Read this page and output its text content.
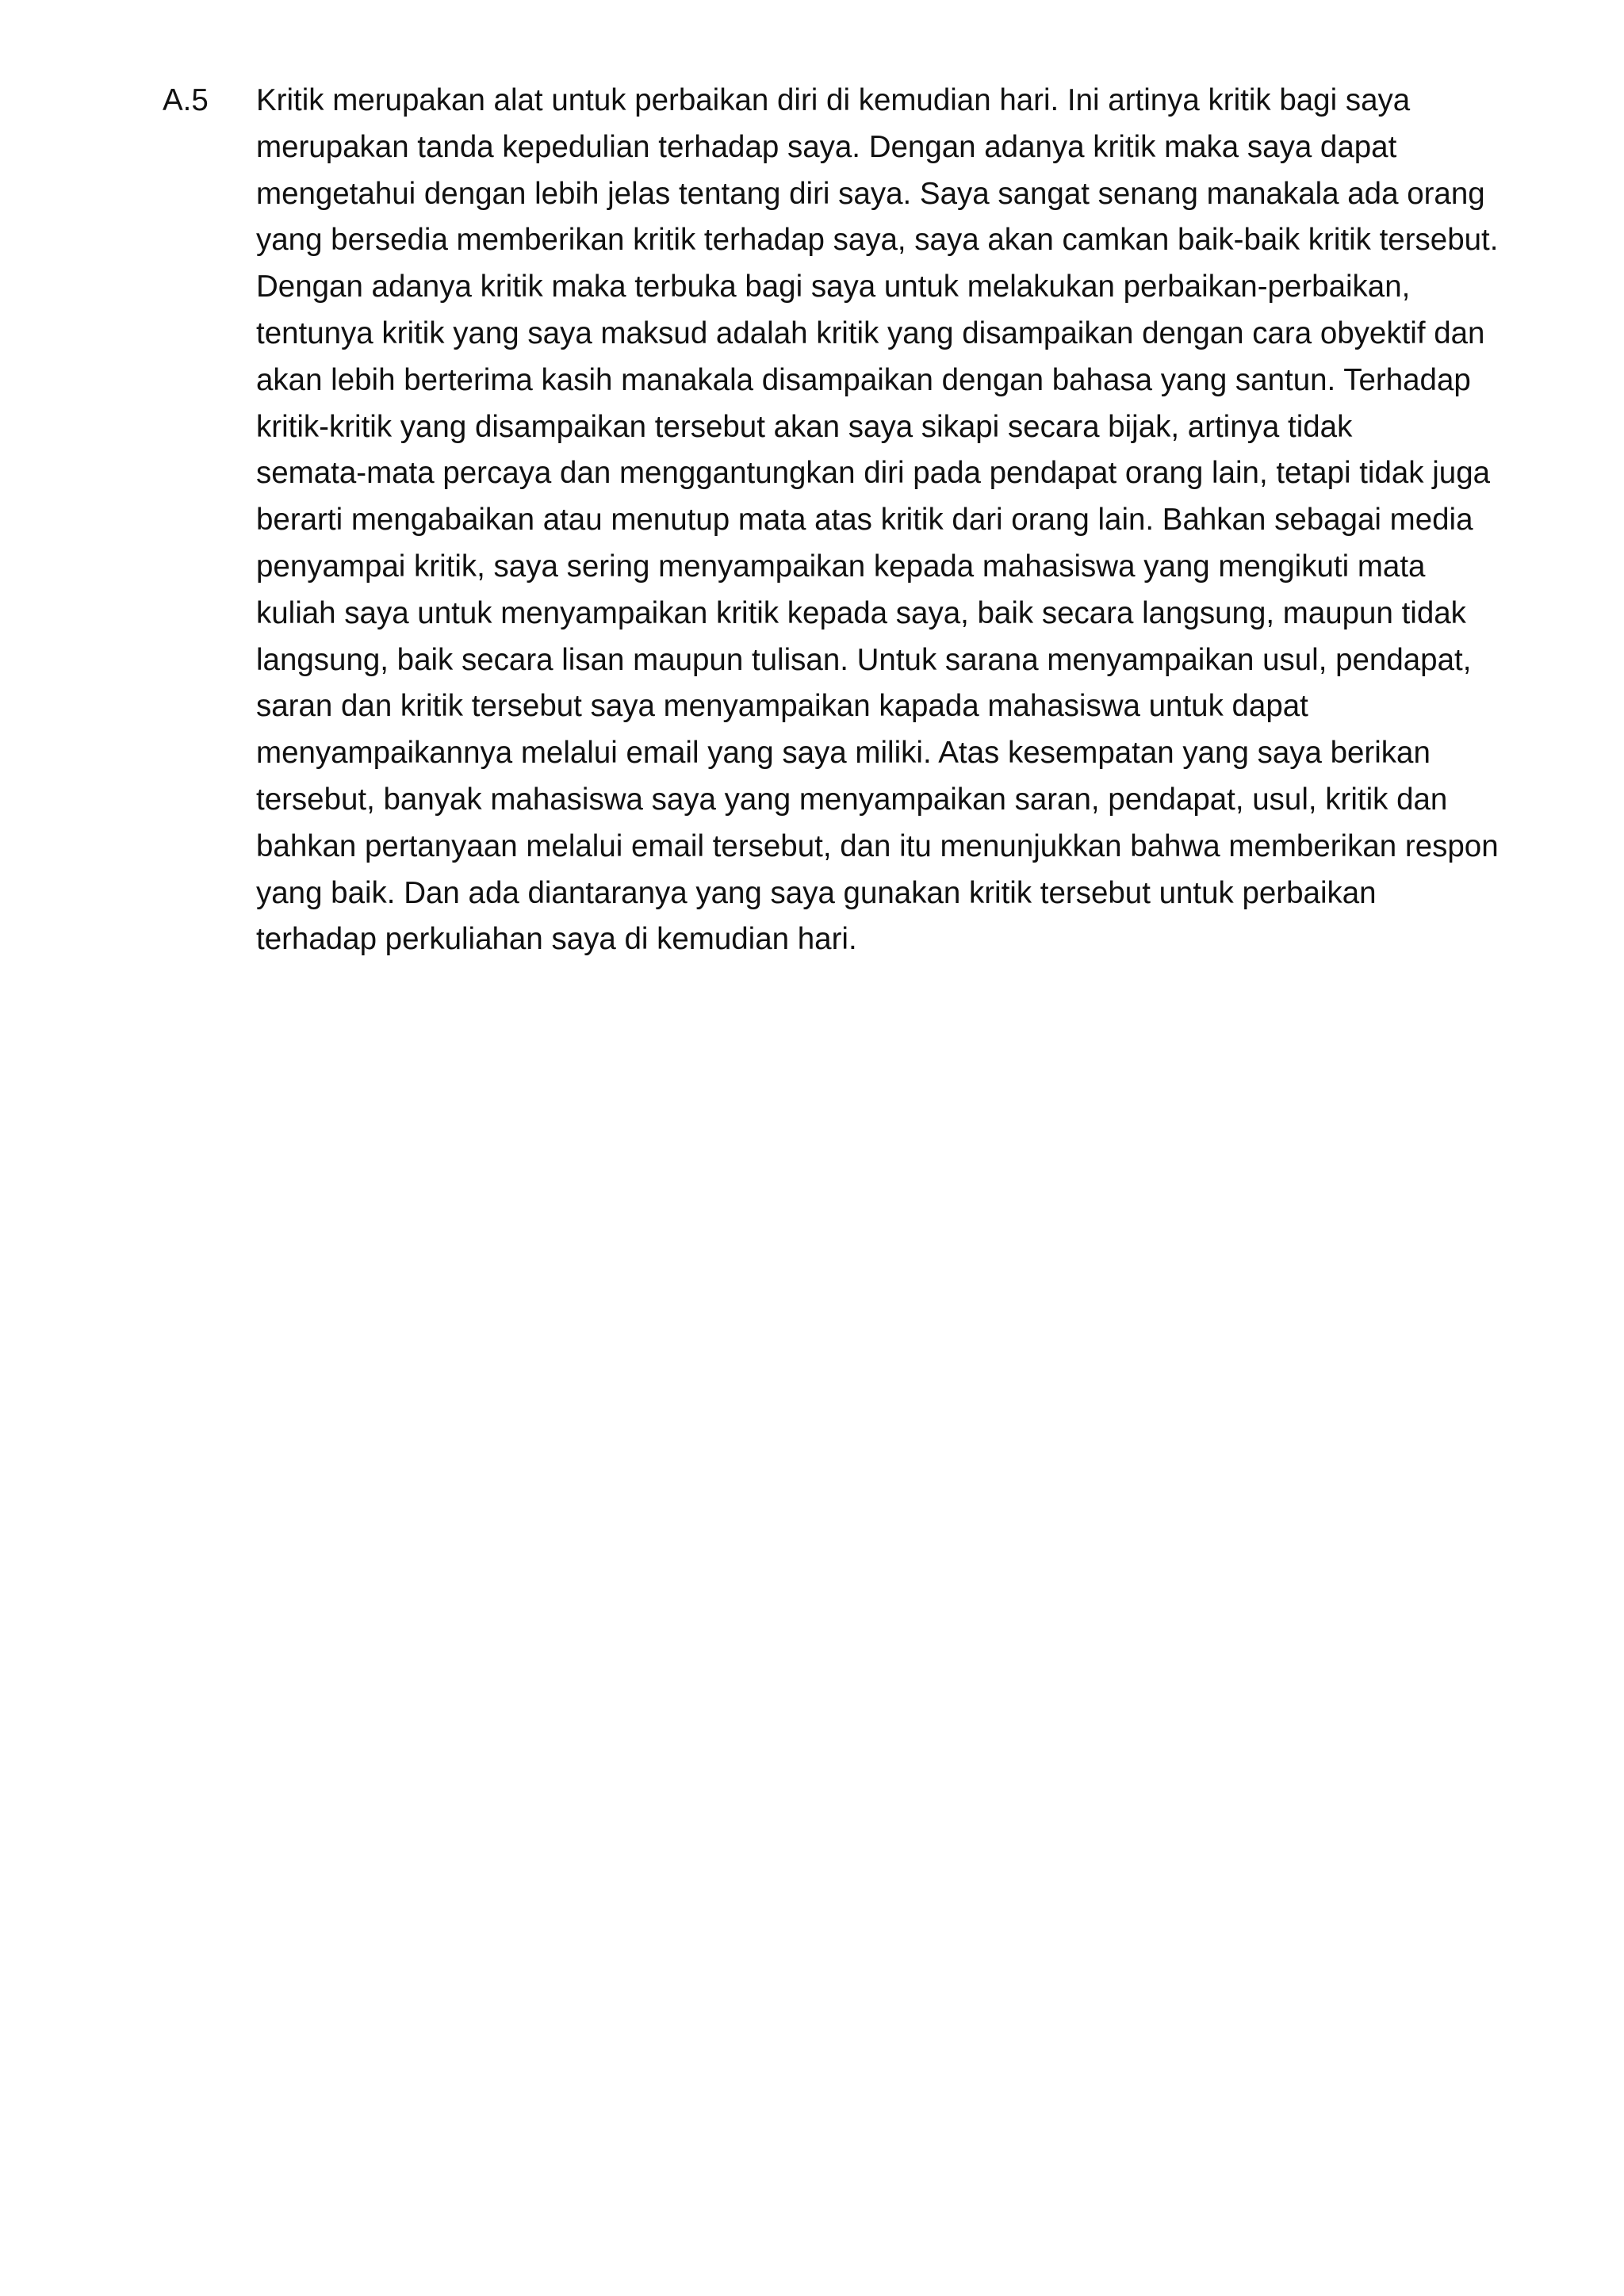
A.5	Kritik merupakan alat untuk perbaikan diri di kemudian hari. Ini artinya kritik bagi saya
merupakan tanda kepedulian terhadap saya. Dengan adanya kritik maka saya dapat
mengetahui dengan lebih jelas tentang diri saya. Saya sangat senang manakala ada orang
yang bersedia memberikan kritik terhadap saya, saya akan camkan baik-baik kritik tersebut.
Dengan adanya kritik maka terbuka bagi saya untuk melakukan perbaikan-perbaikan,
tentunya kritik yang saya maksud adalah kritik yang disampaikan dengan cara obyektif dan
akan lebih berterima kasih manakala disampaikan dengan bahasa yang santun. Terhadap
kritik-kritik yang disampaikan tersebut akan saya sikapi secara bijak, artinya tidak
semata-mata percaya dan menggantungkan diri pada pendapat orang lain, tetapi tidak juga
berarti mengabaikan atau menutup mata atas kritik dari orang lain. Bahkan sebagai media
penyampai kritik, saya sering menyampaikan kepada mahasiswa yang mengikuti mata
kuliah saya untuk menyampaikan kritik kepada saya, baik secara langsung, maupun tidak
langsung, baik secara lisan maupun tulisan. Untuk sarana menyampaikan usul, pendapat,
saran dan kritik tersebut saya menyampaikan kapada mahasiswa untuk dapat
menyampaikannya melalui email yang saya miliki. Atas kesempatan yang saya berikan
tersebut, banyak mahasiswa saya yang menyampaikan saran, pendapat, usul, kritik dan
bahkan pertanyaan melalui email tersebut, dan itu menunjukkan bahwa memberikan respon
yang baik. Dan ada diantaranya yang saya gunakan kritik tersebut untuk perbaikan
terhadap perkuliahan saya di kemudian hari.
